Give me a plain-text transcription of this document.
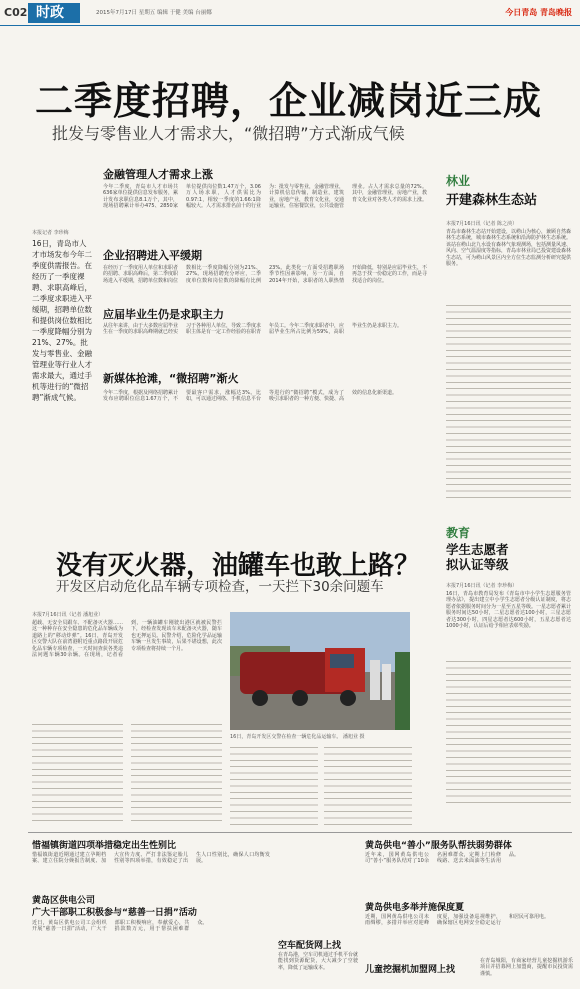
C02 时政	2015年7月17日 星期五 编辑 于健 美编 台丽娜	今日青岛 青岛晚报
二季度招聘，企业减岗近三成
批发与零售业人才需求大，“微招聘”方式渐成气候
本报记者 李珍梅
16日，青岛市人才市场发布今年二季度供需报告。在经历了一季度裸聘、求职高峰后，二季度求职进入平缓期，招聘单位数和提供岗位数相比一季度降幅分别为21%、27%。批发与零售业、金融管理业等行业人才需求最大，通过手机等进行的“微招聘”渐成气候。
金融管理人才需求上涨
今年二季度，青岛市人才市场共636家单位提供信息发布服务，累计发布求职信息8.1万个，其中，现场招聘累计举办475、2850家单位提供岗位数1.47万个，3.06万人场求职，人才供需比为0.97:1，相较一季度的1.66:1降幅较大。人才需求排名前十的行业为：批发与零售业，金融管理业，计算机信息传输，制造业，建筑业，房地产业，教育文化业，交通运输业，住宿餐饮业，公共设施管理业。占人才需求总量的72%。其中，金融管理业，房地产业，教育文化业对各类人才的需求上涨。
企业招聘进入平缓期
在经历了一季度用人单位和求职者的招聘、求职高峰后，第二季度职场进入平缓期，招聘单位数和岗位数相比一季度降幅分别为21%、27%。现场招聘充分呼应，二季度单位数和岗位数的降幅有比例23%。此类化一方面受招聘职场季节性因素影响，另一方面，自2014年开始，求职者的人职热情开始降低，特别是应届毕业生，不再急于找一份稳定的工作，而是寻找适合的岗位。
应届毕业生仍是求职主力
从往年来讲，由于大多数应届毕业生在一季度的求职高峰期就已经实习于各种用人单位，导致二季度求职主体是有一定工作经验的在职青年员工。今年二季度求职者中，应届毕业生所占比例为59%，高职毕业生仍是求职主力。
新媒体抢滩，“微招聘”渐火
今年二季度，根据及网络招聘累计发布应聘职位信息1.67万个，不要最客户需求，涨幅达3%。比如，可以通过网络、手机信息平台等进行的“微招聘”模式，成为了吸引求职者的一种方便、快捷、高效的信息化新渠道。
林业
开建森林生态站
本报7月16日讯（记者 陈之泱）
青岛市森林生态站开始建设，以崂山为核心，兼顾自然森林生态系统，城市森林生态系统和沿海防护林生态系统。该站在崂山北九水设有森林气象观测场，包括测量风速、风向、空气温湿度等指标，青岛市林业局已投资建设森林生态站，可为崂山风景区内全方位生态监测分析研究提供服务。
教育
学生志愿者
拟认证等级
本报7月16日讯（记者 李珍梅）
16日，青岛市教育局发布《青岛市中小学生志愿服务管理办法》，提出建立中小学生志愿者分级认证制度，将志愿者依据服务时间分为一星至五星等级。一星志愿者累计服务时间达50小时，二星志愿者达100小时，三星志愿者达300小时，四星志愿者达600小时，五星志愿者达1000小时，认证后给予相应表彰奖励。
没有灭火器，油罐车也敢上路？
开发区启动危化品车辆专项检查，一天拦下30余问题车
本报7月16日讯（记者 潘旭业）
超载、无安全员跟车、不配备灭火器……这一种种存在安全隐患的危化品车辆成为道路上的“移动炸弹”。16日，青岛开发区交警大队在前湾港附近重点路段开展危化品车辆专项检查，一天时间查获各类违法问题车辆30余辆。在现场，记者看到，一辆油罐车刚驶出港区就被民警拦下，经检查发现该车未配备灭火器，随车也无押运员。民警介绍，危险化学品运输车辆一旦发生事故，后果不堪设想，此次专项检查将持续一个月。
16日，青岛开发区交警在检查一辆危化品运输车。 潘旭业 摄
惜福镇街道四项举措稳定出生性别比
惜福镇街道近期通过建立孕期档案、建立住院分娩报告制度、加大宣传力度、严打非法鉴定胎儿性别等四项举措，有效稳定了出生人口性别比，确保人口均衡发展。
黄岛区供电公司
广大干部职工积极参与“慈善一日捐”活动
近日，黄岛区供电公司工会组织开展“慈善一日捐”活动，广大干部职工积极响应，奉献爱心，共捐款数万元，用于帮扶困难群众。
空车配货网上找
在青岛港，空车司机通过手机平台就能找到货源配货，大大减少了空驶率，降低了运输成本。
黄岛供电“善小”服务队帮扶弱势群体
近年来，国网黄岛供电公司“善小”服务队结对了10余名困难群众，定期上门检修线路、送去米面油等生活用品。
黄岛供电多举并施保度夏
近期，国网黄岛供电公司未雨绸缪，多措并举应对迎峰度夏，加强设备巡视维护，确保辖区电网安全稳定运行和居民可靠用电。
儿童挖掘机加盟网上找
在青岛城阳，有商家经营儿童挖掘机游乐项目并招募网上加盟商，提醒市民投资需谨慎。
